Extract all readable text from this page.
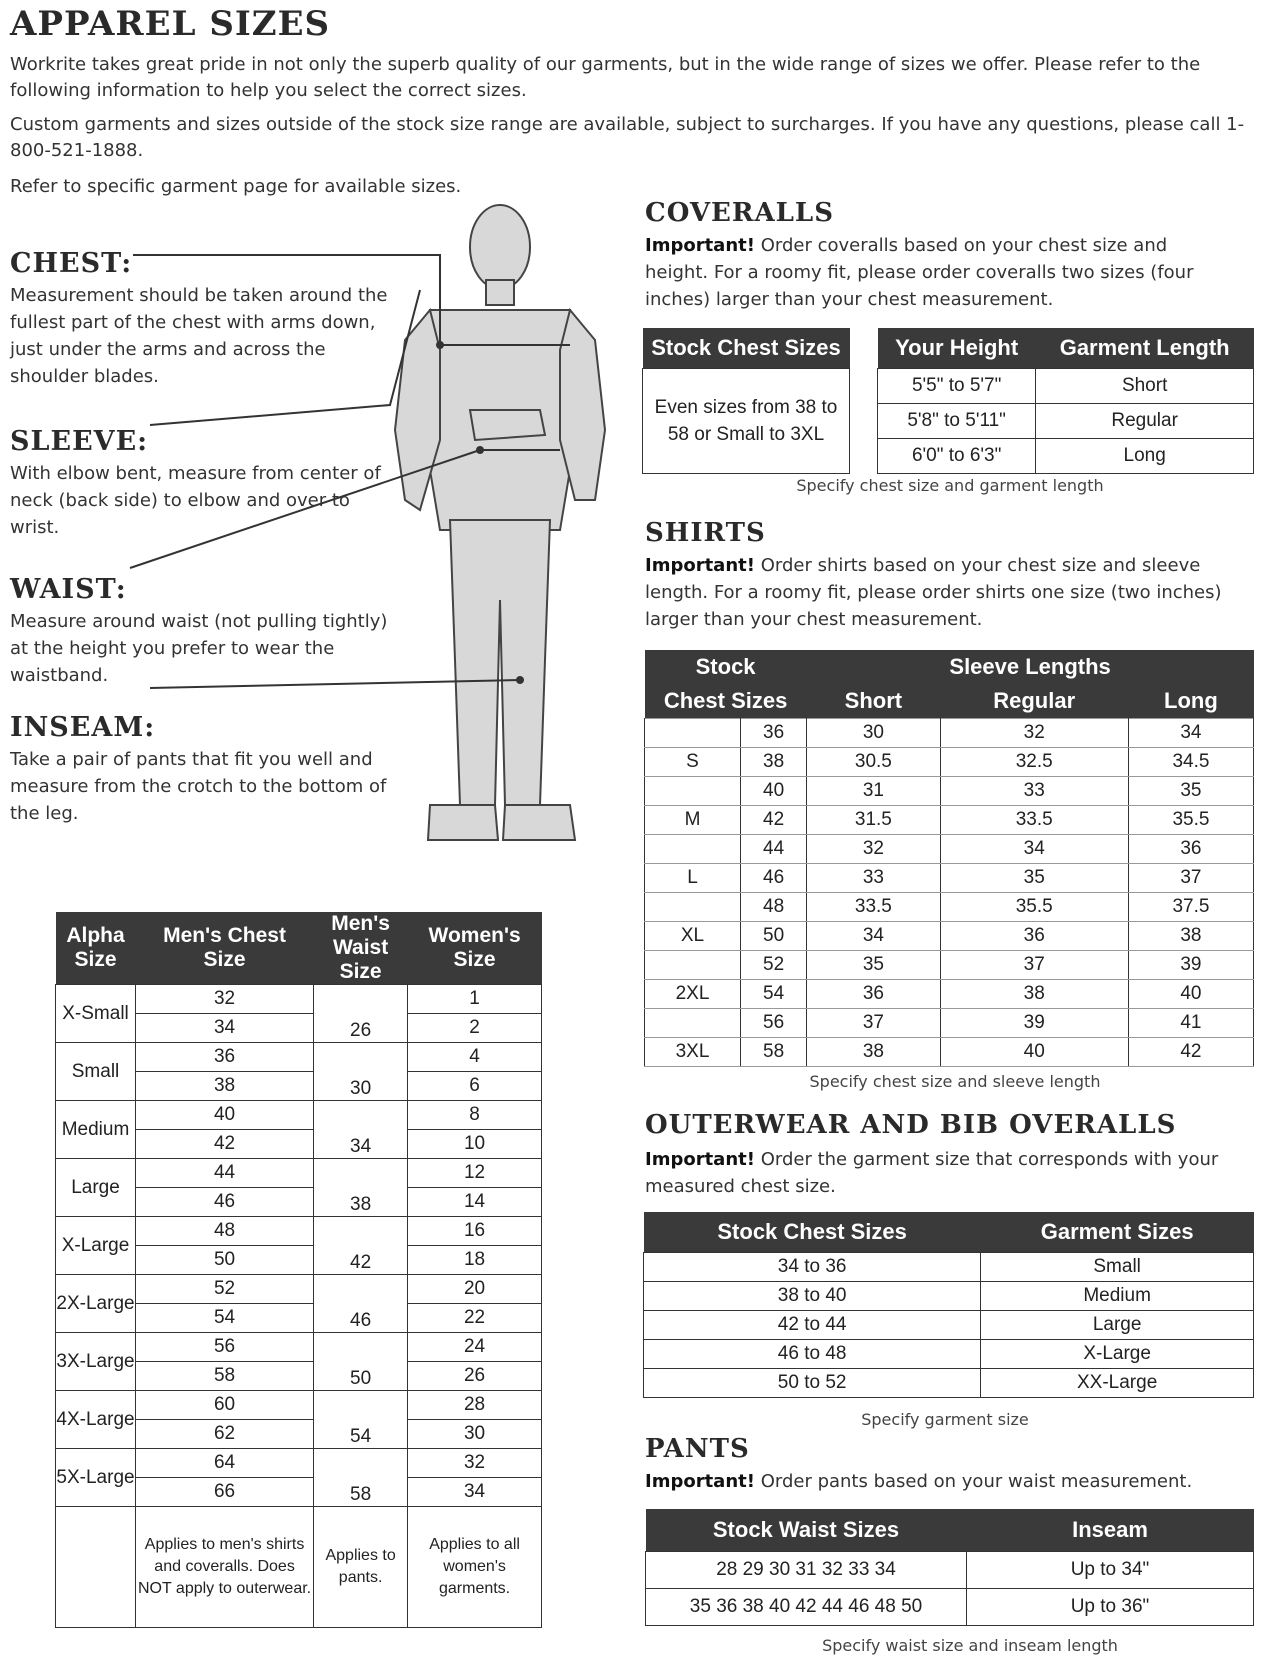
APPAREL SIZES
Workrite takes great pride in not only the superb quality of our garments, but in the wide range of sizes we offer. Please refer to the following information to help you select the correct sizes.
Custom garments and sizes outside of the stock size range are available, subject to surcharges. If you have any questions, please call 1-800-521-1888.
Refer to specific garment page for available sizes.
CHEST:
Measurement should be taken around the fullest part of the chest with arms down, just under the arms and across the shoulder blades.
SLEEVE:
With elbow bent, measure from center of neck (back side) to elbow and over to wrist.
WAIST:
Measure around waist (not pulling tightly) at the height you prefer to wear the waistband.
INSEAM:
Take a pair of pants that fit you well and measure from the crotch to the bottom of the leg.
Alpha Size	Men's Chest Size	Men's Waist Size	Women's Size
X-Small	32	26	1
	34		2
Small	36	30	4
	38		6
Medium	40	34	8
	42		10
Large	44	38	12
	46		14
X-Large	48	42	16
	50		18
2X-Large	52	46	20
	54		22
3X-Large	56	50	24
	58		26
4X-Large	60	54	28
	62		30
5X-Large	64	58	32
	66		34
	Applies to men's shirts and coveralls. Does NOT apply to outerwear.	Applies to pants.	Applies to all women's garments.
COVERALLS
Important! Order coveralls based on your chest size and height. For a roomy fit, please order coveralls two sizes (four inches) larger than your chest measurement.
Stock Chest Sizes
Even sizes from 38 to 58 or Small to 3XL
Your Height	Garment Length
5'5" to 5'7"	Short
5'8" to 5'11"	Regular
6'0" to 6'3"	Long
Specify chest size and garment length
SHIRTS
Important! Order shirts based on your chest size and sleeve length. For a roomy fit, please order shirts one size (two inches) larger than your chest measurement.
Stock		Sleeve Lengths		
Chest Sizes		Short	Regular	Long
	36	30	32	34
S	38	30.5	32.5	34.5
	40	31	33	35
M	42	31.5	33.5	35.5
	44	32	34	36
L	46	33	35	37
	48	33.5	35.5	37.5
XL	50	34	36	38
	52	35	37	39
2XL	54	36	38	40
	56	37	39	41
3XL	58	38	40	42
Specify chest size and sleeve length
OUTERWEAR AND BIB OVERALLS
Important! Order the garment size that corresponds with your measured chest size.
Stock Chest Sizes	Garment Sizes
34 to 36	Small
38 to 40	Medium
42 to 44	Large
46 to 48	X-Large
50 to 52	XX-Large
Specify garment size
PANTS
Important! Order pants based on your waist measurement.
Stock Waist Sizes	Inseam
28 29 30 31 32 33 34	Up to 34"
35 36 38 40 42 44 46 48 50	Up to 36"
Specify waist size and inseam length
